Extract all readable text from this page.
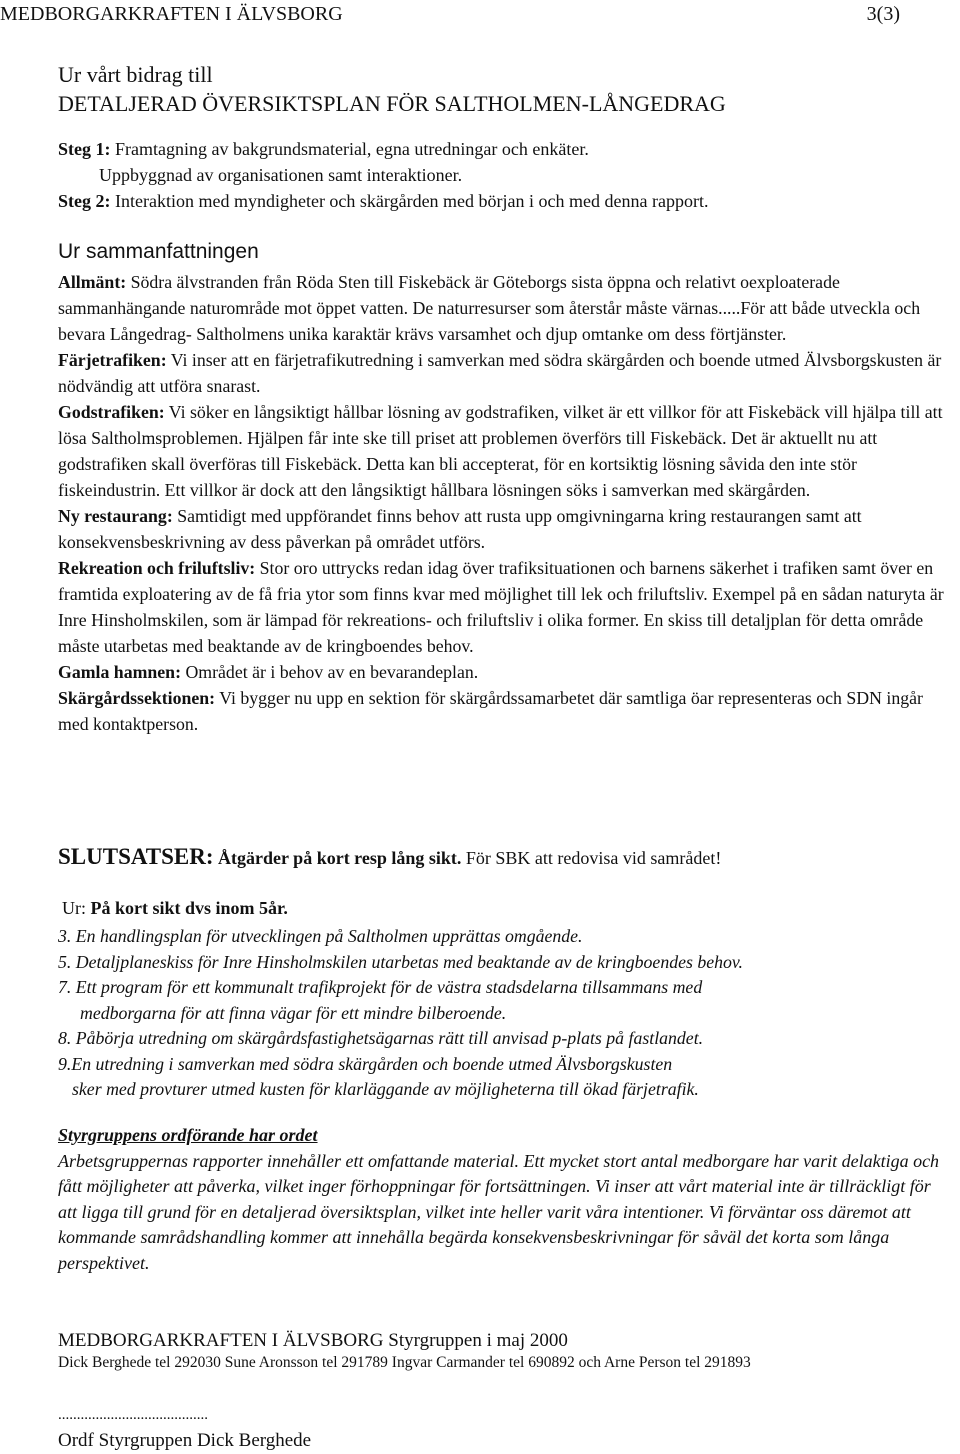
MEDBORGARKRAFTEN I ÄLVSBORG	3(3)
Ur vårt bidrag till
DETALJERAD ÖVERSIKTSPLAN FÖR SALTHOLMEN-LÅNGEDRAG
Steg 1: Framtagning av bakgrundsmaterial, egna utredningar och enkäter.
Uppbyggnad av organisationen samt interaktioner.
Steg 2: Interaktion med myndigheter och skärgården med början i och med denna rapport.
Ur sammanfattningen

Allmänt: Södra älvstranden från Röda Sten till Fiskebäck är Göteborgs sista öppna och relativt oexploaterade sammanhängande naturområde mot öppet vatten. De naturresurser som återstår måste värnas.....För att både utveckla och bevara Långedrag- Saltholmens unika karaktär krävs varsamhet och djup omtanke om dess förtjänster.

Färjetrafiken: Vi inser att en färjetrafikutredning i samverkan med södra skärgården och boende utmed Älvsborgskusten är nödvändig att utföra snarast.

Godstrafiken: Vi söker en långsiktigt hållbar lösning av godstrafiken, vilket är ett villkor för att Fiskebäck vill hjälpa till att lösa Saltholmsproblemen. Hjälpen får inte ske till priset att problemen överförs till Fiskebäck. Det är aktuellt nu att godstrafiken skall överföras till Fiskebäck. Detta kan bli accepterat, för en kortsiktig lösning såvida den inte stör fiskeindustrin. Ett villkor är dock att den långsiktigt hållbara lösningen söks i samverkan med skärgården.

Ny restaurang: Samtidigt med uppförandet finns behov att rusta upp omgivningarna kring restaurangen samt att konsekvensbeskrivning av dess påverkan på området utförs.

Rekreation och friluftsliv: Stor oro uttrycks redan idag över trafiksituationen och barnens säkerhet i trafiken samt över en framtida exploatering av de få fria ytor som finns kvar med möjlighet till lek och friluftsliv. Exempel på en sådan naturyta är Inre Hinsholmskilen, som är lämpad för rekreations- och friluftsliv i olika former. En skiss till detaljplan för detta område måste utarbetas med beaktande av de kringboendes behov.

Gamla hamnen: Området är i behov av en bevarandeplan.

Skärgårdssektionen: Vi bygger nu upp en sektion för skärgårdssamarbetet där samtliga öar representeras och SDN ingår med kontaktperson.

SLUTSATSER: Åtgärder på kort resp lång sikt. För SBK att redovisa vid samrådet!
Ur: På kort sikt dvs inom 5år.
3. En handlingsplan för utvecklingen på Saltholmen upprättas omgående.
5. Detaljplaneskiss för Inre Hinsholmskilen utarbetas med beaktande av de kringboendes behov.
7. Ett program för ett kommunalt trafikprojekt för de västra stadsdelarna tillsammans med
medborgarna för att finna vägar för ett mindre bilberoende.
8. Påbörja utredning om skärgårdsfastighetsägarnas rätt till anvisad p-plats på fastlandet.
9.En utredning i samverkan med södra skärgården och boende utmed Älvsborgskusten
sker med provturer utmed kusten för klarläggande av möjligheterna till ökad färjetrafik.
Styrgruppens ordförande har ordet
Arbetsgruppernas rapporter innehåller ett omfattande material. Ett mycket stort antal medborgare har varit delaktiga och fått möjligheter att påverka, vilket inger förhoppningar för fortsättningen. Vi inser att vårt material inte är tillräckligt för att ligga till grund för en detaljerad översiktsplan, vilket inte heller varit våra intentioner. Vi förväntar oss däremot att kommande samrådshandling kommer att innehålla begärda konsekvensbeskrivningar för såväl det korta som långa perspektivet.
MEDBORGARKRAFTEN I ÄLVSBORG Styrgruppen i maj 2000
Dick Berghede tel 292030 Sune Aronsson tel 291789 Ingvar Carmander tel 690892 och Arne Person tel 291893
........................................
Ordf Styrgruppen Dick Berghede
